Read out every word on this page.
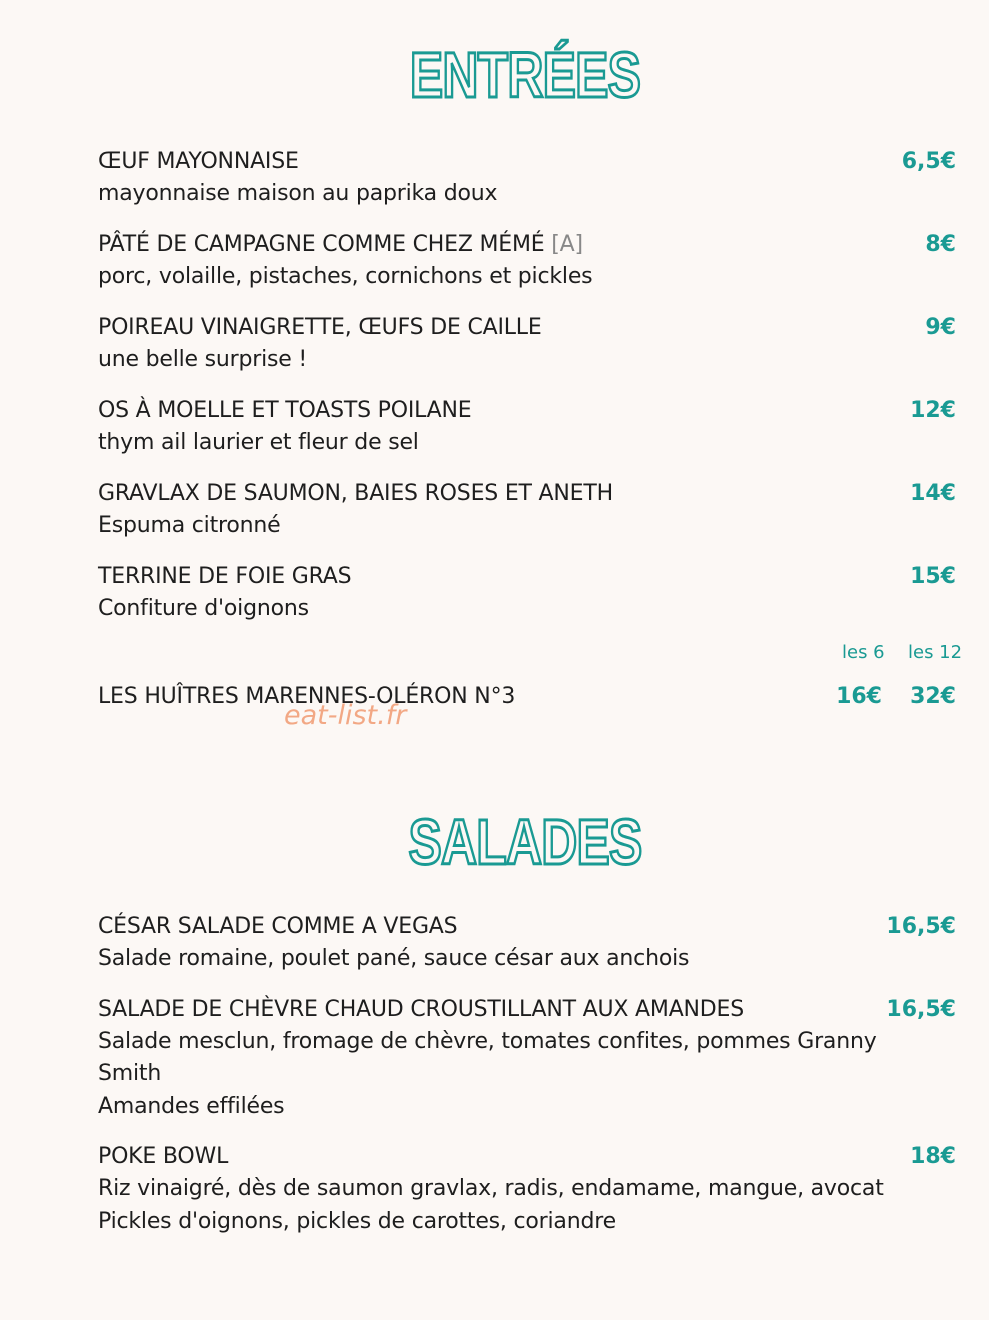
ENTRÉES
ŒUF MAYONNAISE	6,5€
mayonnaise maison au paprika doux
PÂTÉ DE CAMPAGNE COMME CHEZ MÉMÉ [A]	8€
porc, volaille, pistaches, cornichons et pickles
POIREAU VINAIGRETTE, ŒUFS DE CAILLE	9€
une belle surprise !
OS À MOELLE ET TOASTS POILANE	12€
thym ail laurier et fleur de sel
GRAVLAX DE SAUMON, BAIES ROSES ET ANETH	14€
Espuma citronné
TERRINE DE FOIE GRAS	15€
Confiture d'oignons
les 6 les 12
LES HUÎTRES MARENNES-OLÉRON N°3	16€ 32€
eat-list.fr
SALADES
CÉSAR SALADE COMME A VEGAS	16,5€
Salade romaine, poulet pané, sauce césar aux anchois
SALADE DE CHÈVRE CHAUD CROUSTILLANT AUX AMANDES	16,5€
Salade mesclun, fromage de chèvre, tomates confites, pommes Granny
Smith
Amandes effilées
POKE BOWL	18€
Riz vinaigré, dès de saumon gravlax, radis, endamame, mangue, avocat
Pickles d'oignons, pickles de carottes, coriandre
